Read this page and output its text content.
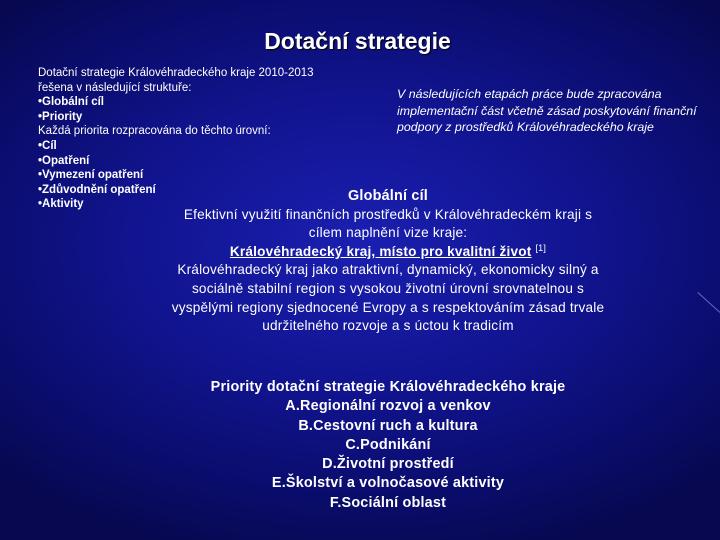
Dotační strategie
Dotační strategie Královéhradeckého kraje 2010-2013
řešena v následující struktuře:
•Globální cíl
•Priority
Každá priorita rozpracována do těchto úrovní:
•Cíl
•Opatření
•Vymezení opatření
•Zdůvodnění opatření
•Aktivity
V následujících etapách práce bude zpracována implementační část včetně zásad poskytování finanční podpory z prostředků Královéhradeckého kraje
Globální cíl
Efektivní využití finančních prostředků v Královéhradeckém kraji s cílem naplnění vize kraje:
Královéhradecký kraj, místo pro kvalitní život [1]
Královéhradecký kraj jako atraktivní, dynamický, ekonomicky silný a sociálně stabilní region s vysokou životní úrovní srovnatelnou s vyspělými regiony sjednocené Evropy a s respektováním zásad trvale udržitelného rozvoje a s úctou k tradicím
Priority dotační strategie Královéhradeckého kraje
A.Regionální rozvoj a venkov
B.Cestovní ruch a kultura
C.Podnikání
D.Životní prostředí
E.Školství a volnočasové aktivity
F.Sociální oblast
